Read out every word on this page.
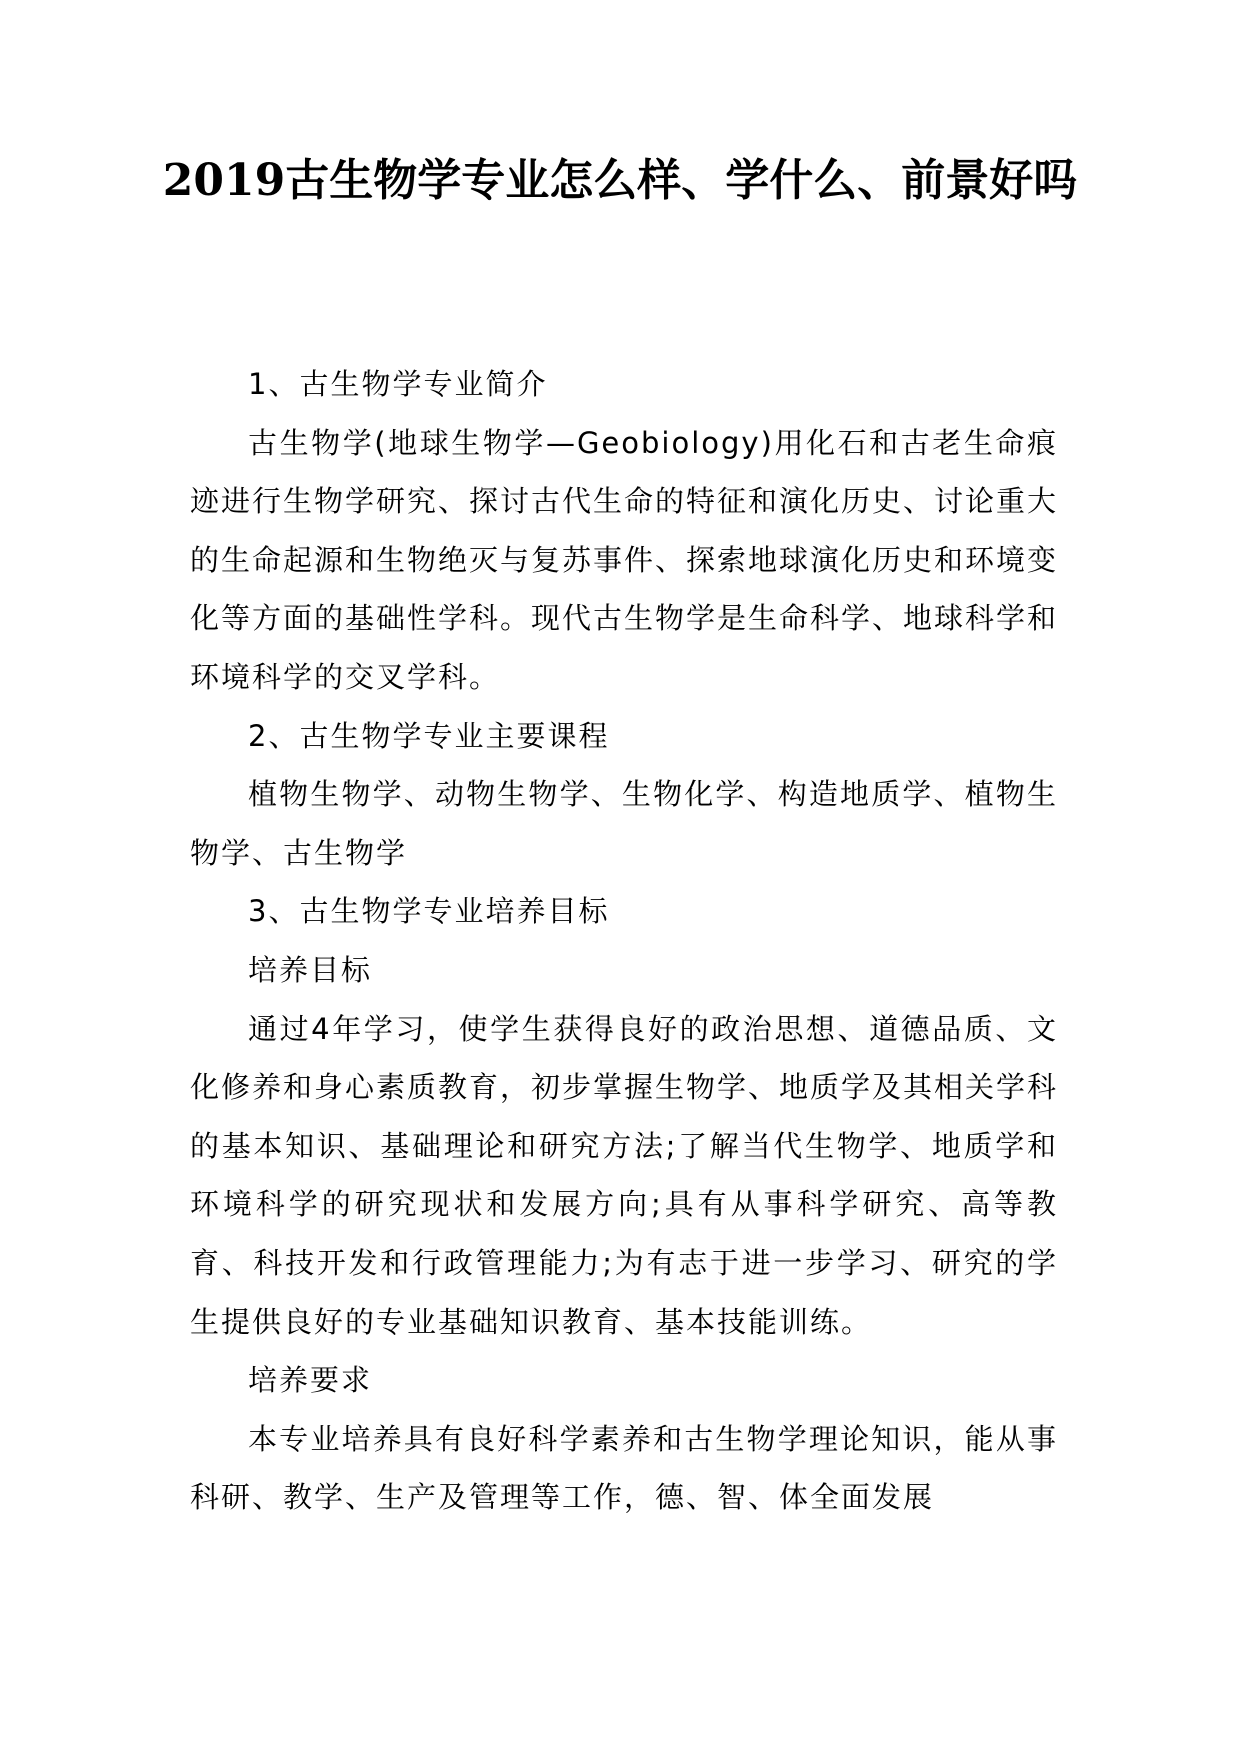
2019古生物学专业怎么样、学什么、前景好吗

1、古生物学专业简介

古生物学(地球生物学—Geobiology)用化石和古老生命痕迹进行生物学研究、探讨古代生命的特征和演化历史、讨论重大的生命起源和生物绝灭与复苏事件、探索地球演化历史和环境变化等方面的基础性学科。现代古生物学是生命科学、地球科学和环境科学的交叉学科。

2、古生物学专业主要课程

植物生物学、动物生物学、生物化学、构造地质学、植物生物学、古生物学

3、古生物学专业培养目标

培养目标

通过4年学习，使学生获得良好的政治思想、道德品质、文化修养和身心素质教育，初步掌握生物学、地质学及其相关学科的基本知识、基础理论和研究方法;了解当代生物学、地质学和环境科学的研究现状和发展方向;具有从事科学研究、高等教育、科技开发和行政管理能力;为有志于进一步学习、研究的学生提供良好的专业基础知识教育、基本技能训练。

培养要求

本专业培养具有良好科学素养和古生物学理论知识，能从事科研、教学、生产及管理等工作，德、智、体全面发展
